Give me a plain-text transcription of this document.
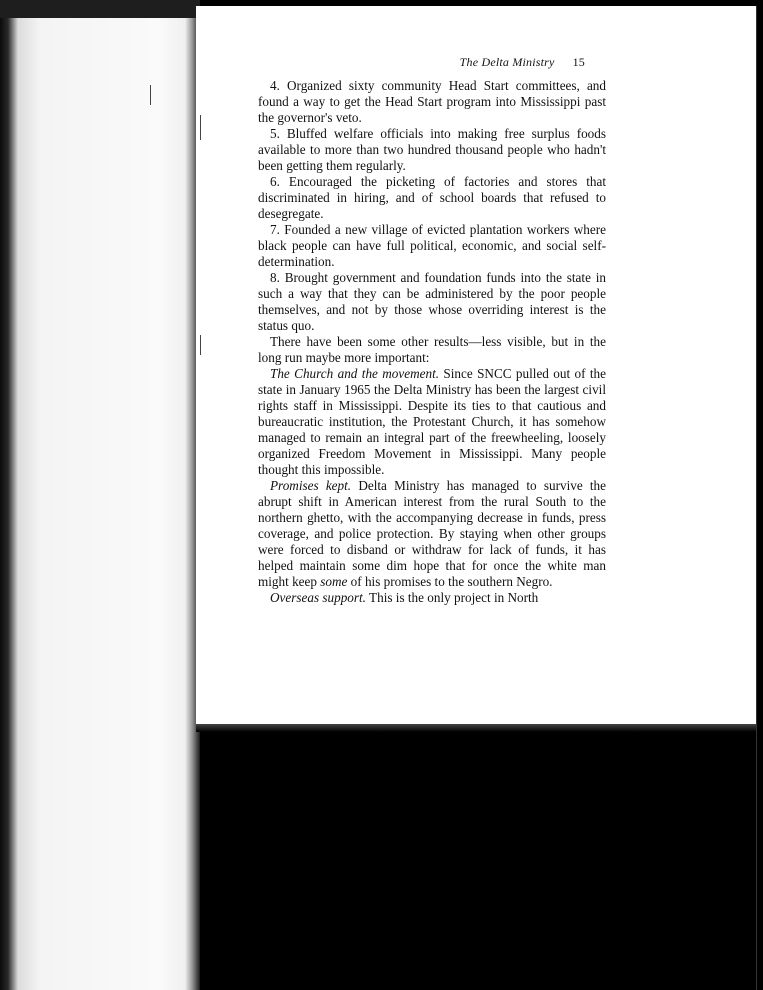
The Delta Ministry 15

4. Organized sixty community Head Start committees, and found a way to get the Head Start program into Mississippi past the governor's veto.

5. Bluffed welfare officials into making free surplus foods available to more than two hundred thousand people who hadn't been getting them regularly.

6. Encouraged the picketing of factories and stores that discriminated in hiring, and of school boards that refused to desegregate.

7. Founded a new village of evicted plantation workers where black people can have full political, economic, and social self-determination.

8. Brought government and foundation funds into the state in such a way that they can be administered by the poor people themselves, and not by those whose overriding interest is the status quo.

There have been some other results—less visible, but in the long run maybe more important:

The Church and the movement. Since SNCC pulled out of the state in January 1965 the Delta Ministry has been the largest civil rights staff in Mississippi. Despite its ties to that cautious and bureaucratic institution, the Protestant Church, it has somehow managed to remain an integral part of the freewheeling, loosely organized Freedom Movement in Mississippi. Many people thought this impossible.

Promises kept. Delta Ministry has managed to survive the abrupt shift in American interest from the rural South to the northern ghetto, with the accompanying decrease in funds, press coverage, and police protection. By staying when other groups were forced to disband or withdraw for lack of funds, it has helped maintain some dim hope that for once the white man might keep some of his promises to the southern Negro.

Overseas support. This is the only project in North
